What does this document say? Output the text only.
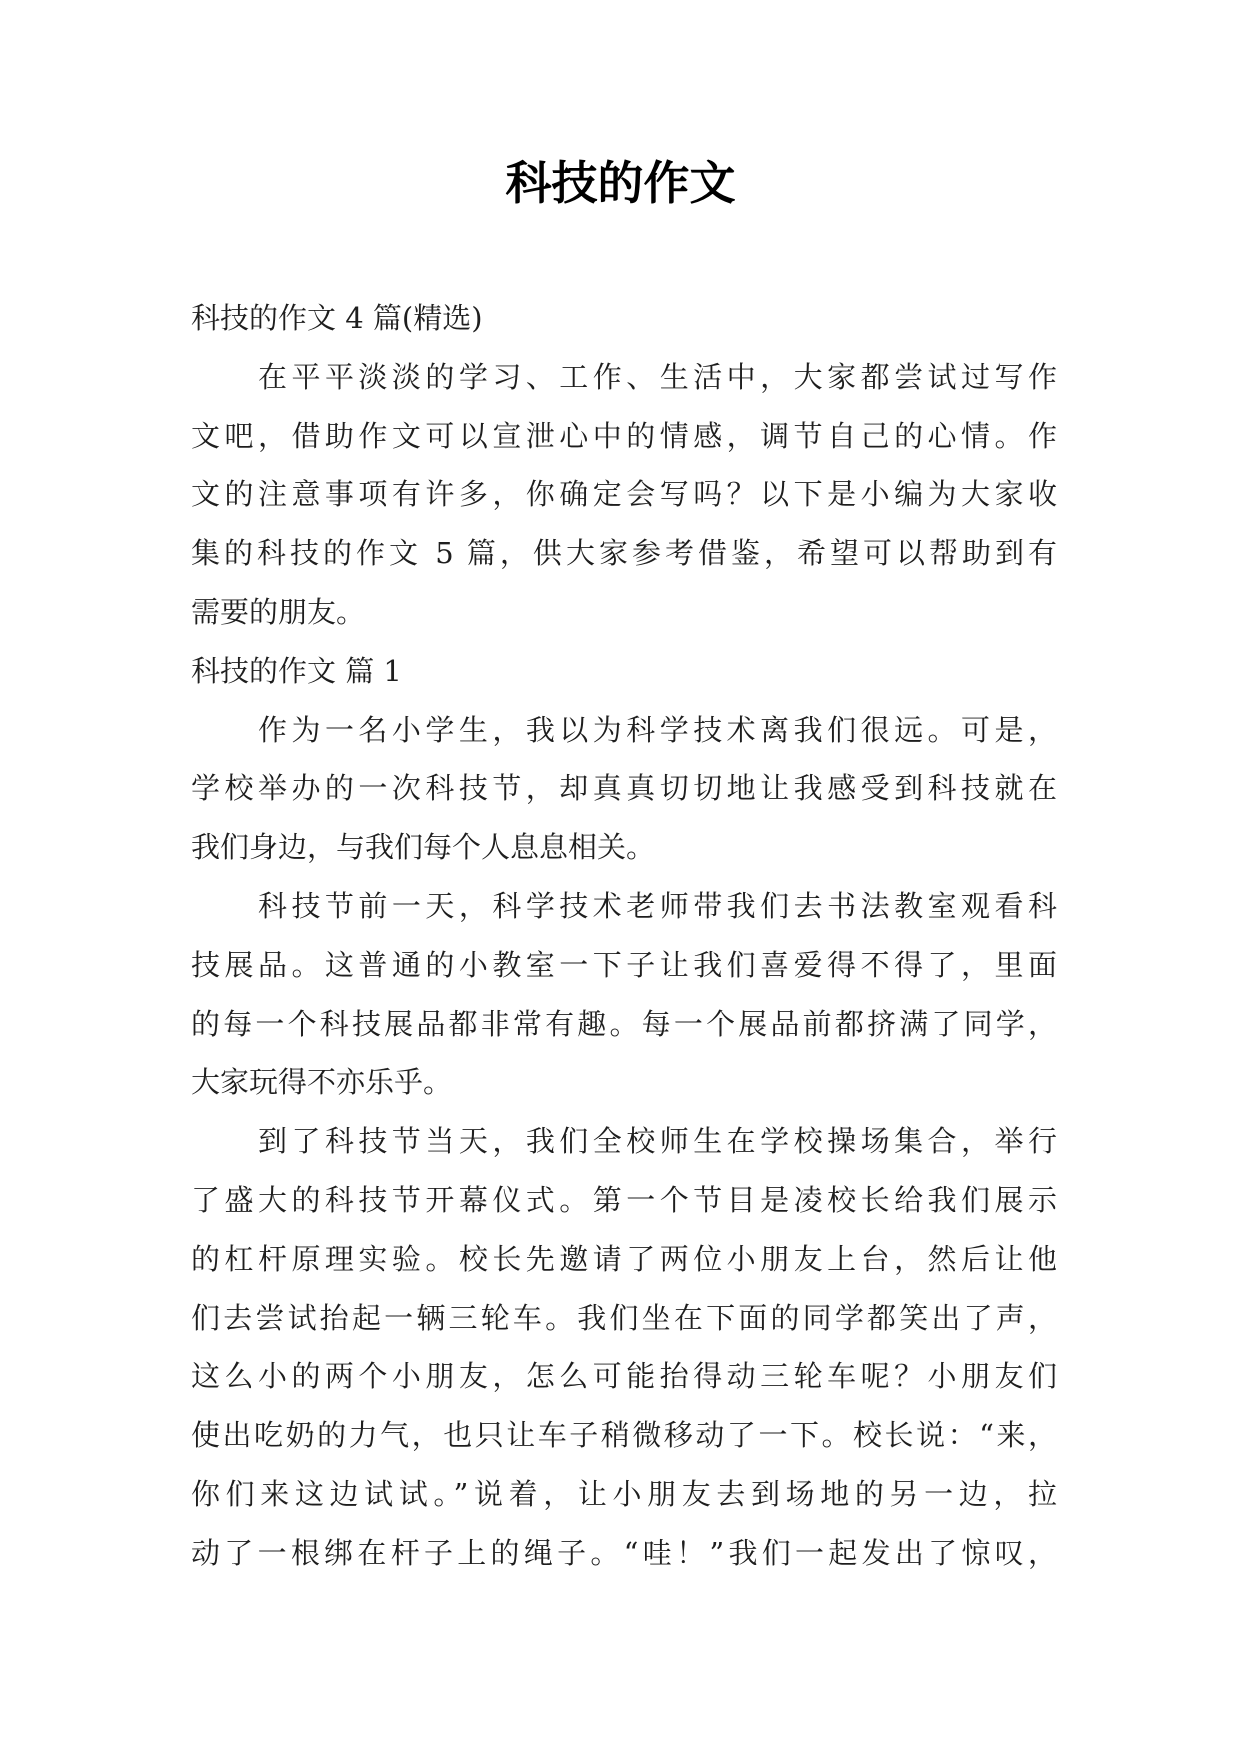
科技的作文
科技的作文 4 篇(精选)
在平平淡淡的学习、工作、生活中，大家都尝试过写作
文吧，借助作文可以宣泄心中的情感，调节自己的心情。作
文的注意事项有许多，你确定会写吗？以下是小编为大家收
集的科技的作文 5 篇，供大家参考借鉴，希望可以帮助到有
需要的朋友。
科技的作文 篇 1
作为一名小学生，我以为科学技术离我们很远。可是，
学校举办的一次科技节，却真真切切地让我感受到科技就在
我们身边，与我们每个人息息相关。
科技节前一天，科学技术老师带我们去书法教室观看科
技展品。这普通的小教室一下子让我们喜爱得不得了，里面
的每一个科技展品都非常有趣。每一个展品前都挤满了同学，
大家玩得不亦乐乎。
到了科技节当天，我们全校师生在学校操场集合，举行
了盛大的科技节开幕仪式。第一个节目是凌校长给我们展示
的杠杆原理实验。校长先邀请了两位小朋友上台，然后让他
们去尝试抬起一辆三轮车。我们坐在下面的同学都笑出了声，
这么小的两个小朋友，怎么可能抬得动三轮车呢？小朋友们
使出吃奶的力气，也只让车子稍微移动了一下。校长说：“来，
你们来这边试试。”说着，让小朋友去到场地的另一边，拉
动了一根绑在杆子上的绳子。“哇！”我们一起发出了惊叹，
